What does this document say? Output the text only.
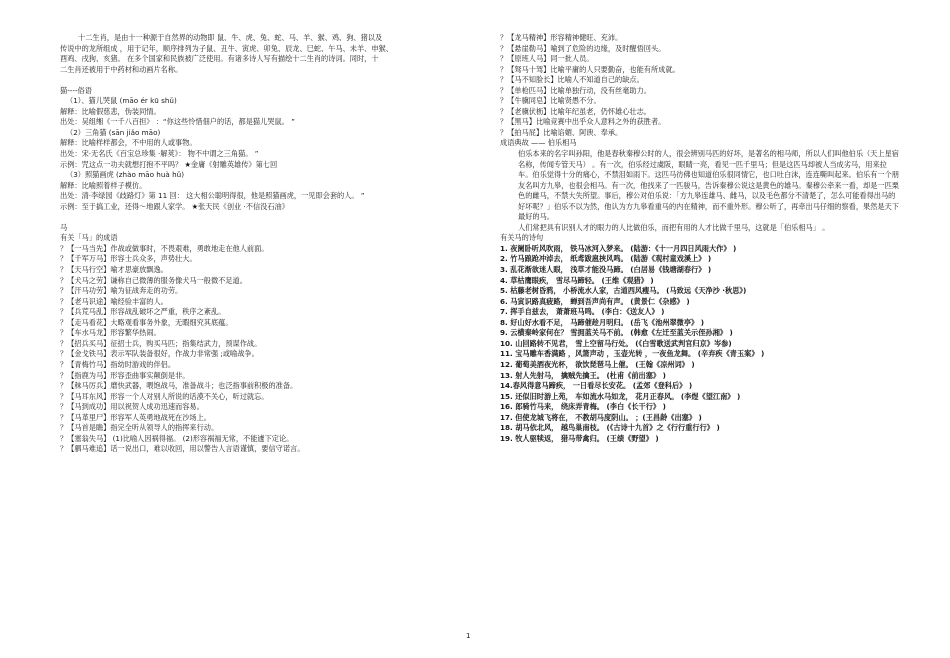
十二生肖，是由十一种源于自然界的动物即 鼠、牛、虎、兔、蛇、马、羊、猴、鸡、狗、猪以及
传说中的龙所组成 ，用于记年，顺序排列为子鼠、丑牛、寅虎、卯兔、辰龙、巳蛇、午马、未羊、申猴、
酉鸡、戌狗、亥猪。 在多个国家和民族被广泛使用。有诸多诗人写有描绘十二生肖的诗词。同时，十
二生肖还被用于中药材和动画片名称。
猫----俗语
（1）、猫儿哭鼠 (māo ér kū shǔ)
解释：比喻假慈悲，伪装同情。
出处：吴组缃《一千八百担》 ：“你这些怜惜佃户的话，都是猫儿哭鼠。 ”
（2）三角猫 (sān jiǎo māo)
解释：比喻样样都会，不中用的人或事物。
出处：宋·无名氏《百宝总珍集 ·解荚》： 物不中谓之三角猫。 ”
示例：咒这点一功夫就想打抱不平吗？ ★金庸《射雕英雄传》第七回
（3）照猫画虎 (zhào māo huà hǔ)
解释：比喻照着样子模仿。
出处：清·李绿园《歧路灯》第 11 回： 这大相公聪明得很，他是照猫画虎，一见即会套的人。 ”
示例：至于搞工业，还得～地跟人家学。 ★张天民《创业 ·不信没石油》
马
有关「马」的成语
？【一马当先】作战或做事时，不畏艰难，勇敢地走在他人前面。
？【千军万马】形容士兵众多，声势壮大。
？【天马行空】喻才思豪放飘逸。
？【犬马之劳】谦称自己微薄的服务像犬马一般微不足道。
？【汗马功劳】喻为征战奔走的功劳。
？【老马识途】喻经验丰富的人。
？【兵荒马乱】形容战乱破坏之严重，秩序之紊乱。
？【走马看花】大略观看事务外象，无暇细究其底蕴。
？【车水马龙】形容繁华热闹。
？【招兵买马】征招士兵，购买马匹；指集结武力，预谋作战。
？【金戈铁马】表示军队装备很好，作战力非常强 ;或喻战争。
？【青梅竹马】指幼时游戏的伴侣。
？【指鹿为马】形容歪曲事实颠倒是非。
？【秣马厉兵】磨快武器，喂饱战马，准备战斗；也泛指事前积极的准备。
？【马耳东风】形容一个人对别人所说的话漠不关心，听过就忘。
？【马到成功】用以祝贺人成功迅速而容易。
？【马革里尸】形容军人英勇地战死在沙场上。
？【马首是瞻】指完全听从领导人的指挥来行动。
？【塞翁失马】 (1)比喻人因祸得福。 (2)形容祸福无常，不能遽下定论。
？【驷马难追】话一说出口，难以收回，用以警告人言语谨慎，要信守诺言。
？【龙马精神】形容精神健旺、充沛。
？【悬崖勒马】喻到了危险的边缘，及时醒悟回头。
？【原班人马】同一批人员。
？【驽马十驾】比喻平庸的人只要勤奋，也能有所成就。
？【马不知脸长】比喻人不知道自己的缺点。
？【单枪匹马】比喻单独行动，没有丝毫助力。
？【牛骥同皂】比喻贤愚不分。
？【老骥伏枥】比喻年纪虽老，仍怀雄心壮志。
？【黑马】比喻竞赛中出乎众人意料之外的获胜者。
？【拍马屁】比喻谄媚、阿谀、奉承。
成语典故 —— 伯乐相马
伯乐本来的名字叫孙阳，他是春秋秦穆公时的人，很会辨别马匹的好坏，是著名的相马师，所以人们叫他伯乐（天上星宿名称，传闻专管天马） 。有一次，伯乐经过虞阪，眼睛一亮，看见一匹千里马；但是这匹马却被人当成劣马，用来拉车。伯乐觉得十分的痛心，不禁泪如雨下。这匹马彷佛也知道伯乐很同情它，也口吐白沫，连连嘶叫起来。伯乐有一个朋友名叫方九皋，也很会相马。有一次，他找来了一匹骏马，告诉秦穆公说这是黄色的雄马。秦穆公牵来一看，却是一匹栗色的雌马，不禁大失所望。事后，穆公对伯乐说：「方九皋连雄马、雌马，以及毛色都分不清楚了，怎么可能看得出马的好坏呢？」伯乐不以为然，他认为方九皋看重马的内在精神，而不重外形。穆公听了，再牵出马仔细的察看，果然是天下最好的马。
人们常把具有识别人才的眼力的人比做伯乐，而把有用的人才比做千里马，这就是「伯乐相马」 。
有关马的诗句
1. 夜阑卧听风吹雨， 铁马冰河入梦来。 (陆游：《十一月四日风雨大作》 )
2. 竹马踉跄冲淖去， 纸鸢跋扈挟风鸣。 (陆游《观村童戏溪上》 )
3. 乱花渐欲迷人眼， 浅草才能没马蹄。 (白居易《钱塘湖春行》 )
4. 草枯鹰眼疾， 雪尽马蹄轻。 (王维《观猎》 )
5. 枯藤老树昏鸦， 小桥流水人家，古道西风瘦马。 (马致远《天净沙 ·秋思》)
6. 马寅识路真疲路， 蝉到吾声尚有声。 (黄景仁《杂感》 )
7. 挥手自兹去， 萧萧班马鸣。 (李白：《送友人》 )
8. 好山好水看不足， 马蹄催趁月明归。 (岳飞《池州翠微亭》 )
9. 云横秦岭家何在？ 雪拥蓝关马不前。 (韩愈《左迁至蓝关示侄孙湘》 )
10. 山回路转不见君， 雪上空留马行处。 (《白雪歌送武判官归京》岑参)
11. 宝马雕车香满路 ，风箫声动 ，玉壶光转 ，一夜鱼龙舞。 (辛弃疾《青玉案》 )
12. 葡萄美酒夜光杯， 欲饮琵琶马上催。 (王翰《凉州词》 )
13. 射人先射马， 擒贼先擒王。 (杜甫《前出塞》 )
14.春风得意马蹄疾， 一日看尽长安花。 (孟郊《登科后》 )
15. 还似旧时游上苑， 车如流水马如龙， 花月正春风。 (李煜《望江南》 )
16. 郎骑竹马来， 绕床弄青梅。 (李白《长干行》 )
17. 但使龙城飞将在， 不教胡马度阴山。 ；(王昌龄《出塞》 )
18. 胡马依北风， 越鸟巢南枝。 (《古诗十九首》之《行行重行行》 )
19. 牧人驱犊返， 猎马带禽归。 (王绩《野望》 )
1
